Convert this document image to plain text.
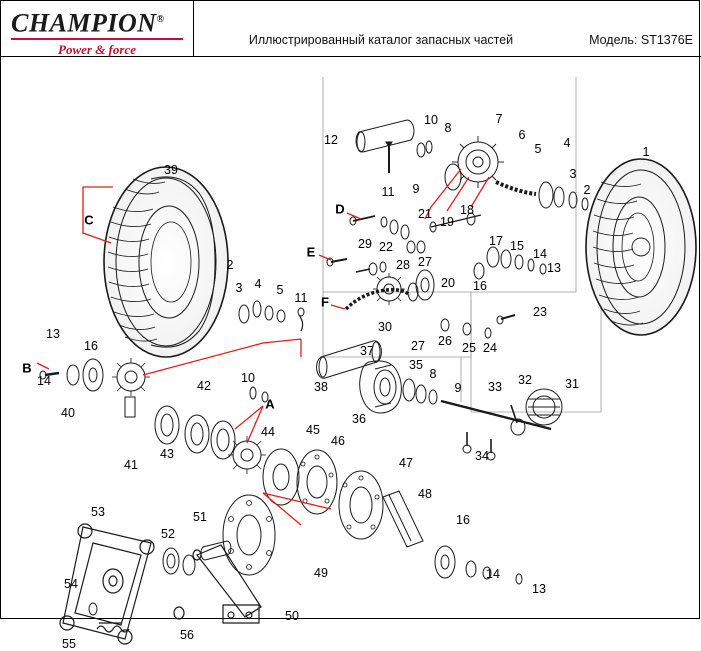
CHAMPION®
Power & force
Иллюстрированный каталог запасных частей	Модель: ST1376E
39
12
10
8
7
6
5 4
3
2
1
11 9
21
19
18
17 15
14
13
16
29 22
28 27
20
30
27 26 25 24
23
2
3 4 5
11
13
16
14
40
41
42
43
44
10
37
38
36
35
8
9 33 32	31
34
45
46
47
48
16
14
13
49
50
51
52
53
54
55
56
A
B
C
D
E
F
